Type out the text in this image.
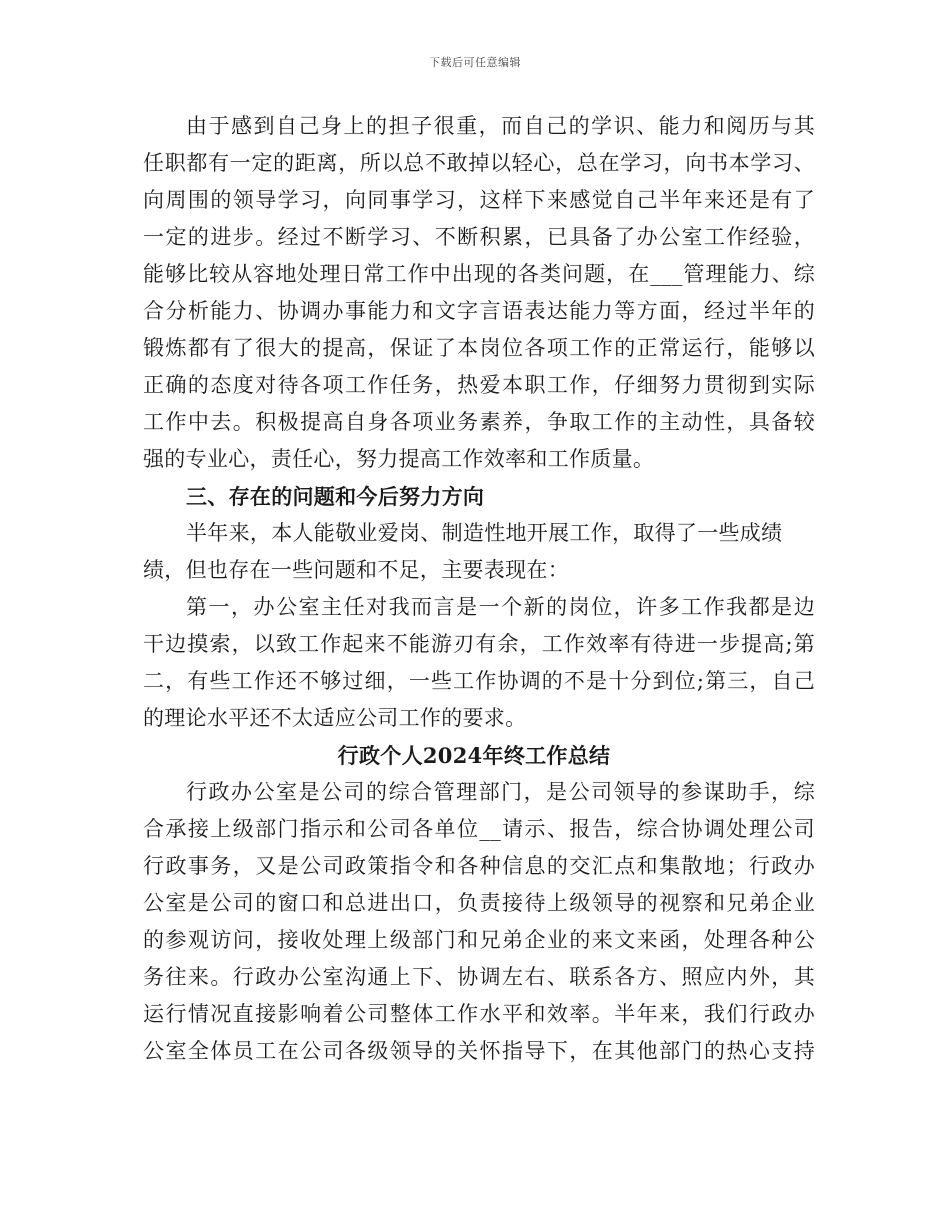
下载后可任意编辑
由于感到自己身上的担子很重，而自己的学识、能力和阅历与其
任职都有一定的距离，所以总不敢掉以轻心，总在学习，向书本学习、
向周围的领导学习，向同事学习，这样下来感觉自己半年来还是有了
一定的进步。经过不断学习、不断积累，已具备了办公室工作经验，
能够比较从容地处理日常工作中出现的各类问题，在___管理能力、综
合分析能力、协调办事能力和文字言语表达能力等方面，经过半年的
锻炼都有了很大的提高，保证了本岗位各项工作的正常运行，能够以
正确的态度对待各项工作任务，热爱本职工作，仔细努力贯彻到实际
工作中去。积极提高自身各项业务素养，争取工作的主动性，具备较
强的专业心，责任心，努力提高工作效率和工作质量。
三、存在的问题和今后努力方向
半年来，本人能敬业爱岗、制造性地开展工作，取得了一些成绩
绩，但也存在一些问题和不足，主要表现在：
第一，办公室主任对我而言是一个新的岗位，许多工作我都是边
干边摸索，以致工作起来不能游刃有余，工作效率有待进一步提高;第
二，有些工作还不够过细，一些工作协调的不是十分到位;第三，自己
的理论水平还不太适应公司工作的要求。
行政个人2024年终工作总结
行政办公室是公司的综合管理部门，是公司领导的参谋助手，综
合承接上级部门指示和公司各单位__请示、报告，综合协调处理公司
行政事务，又是公司政策指令和各种信息的交汇点和集散地；行政办
公室是公司的窗口和总进出口，负责接待上级领导的视察和兄弟企业
的参观访问，接收处理上级部门和兄弟企业的来文来函，处理各种公
务往来。行政办公室沟通上下、协调左右、联系各方、照应内外，其
运行情况直接影响着公司整体工作水平和效率。半年来，我们行政办
公室全体员工在公司各级领导的关怀指导下，在其他部门的热心支持
